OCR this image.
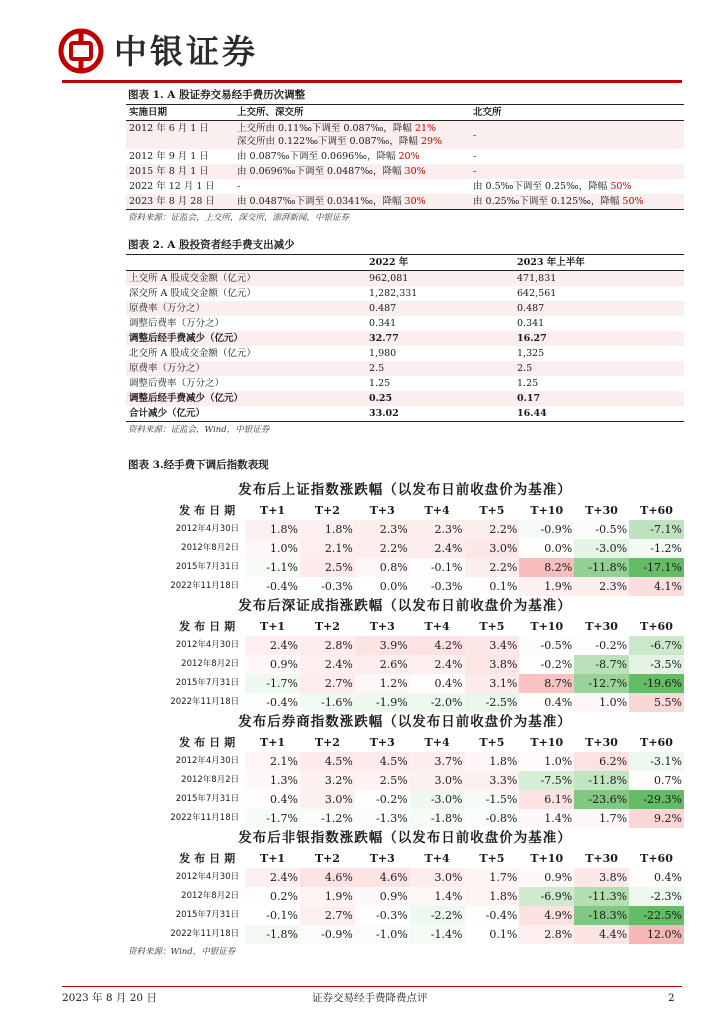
中银证券
图表 1. A 股证券交易经手费历次调整
实施日期	上交所、深交所	北交所
2012 年 6 月 1 日	上交所由 0.11‰下调至 0.087‰，降幅 21%
深交所由 0.122‰下调至 0.087‰，降幅 29%	-
2012 年 9 月 1 日	由 0.087‰下调至 0.0696‰，降幅 20%	-
2015 年 8 月 1 日	由 0.0696‰下调至 0.0487‰，降幅 30%	-
2022 年 12 月 1 日	-	由 0.5‰下调至 0.25‰，降幅 50%
2023 年 8 月 28 日	由 0.0487‰下调至 0.0341‰，降幅 30%	由 0.25‰下调至 0.125‰，降幅 50%
资料来源：证监会，上交所，深交所，澎湃新闻，中银证券
图表 2. A 股投资者经手费支出减少
	2022 年	2023 年上半年
上交所 A 股成交金额（亿元）	962,081	471,831
深交所 A 股成交金额（亿元）	1,282,331	642,561
原费率（万分之）	0.487	0.487
调整后费率（万分之）	0.341	0.341
调整后经手费减少（亿元）	32.77	16.27
北交所 A 股成交金额（亿元）	1,980	1,325
原费率（万分之）	2.5	2.5
调整后费率（万分之）	1.25	1.25
调整后经手费减少（亿元）	0.25	0.17
合计减少（亿元）	33.02	16.44
资料来源：证监会，Wind，中银证券
图表 3.经手费下调后指数表现
发布后上证指数涨跌幅（以发布日前收盘价为基准）
发布日期	T+1	T+2	T+3	T+4	T+5	T+10	T+30	T+60
2012年4月30日	1.8%	1.8%	2.3%	2.3%	2.2%	-0.9%	-0.5%	-7.1%
2012年8月2日	1.0%	2.1%	2.2%	2.4%	3.0%	0.0%	-3.0%	-1.2%
2015年7月31日	-1.1%	2.5%	0.8%	-0.1%	2.2%	8.2%	-11.8%	-17.1%
2022年11月18日	-0.4%	-0.3%	0.0%	-0.3%	0.1%	1.9%	2.3%	4.1%
发布后深证成指涨跌幅（以发布日前收盘价为基准）
发布日期	T+1	T+2	T+3	T+4	T+5	T+10	T+30	T+60
2012年4月30日	2.4%	2.8%	3.9%	4.2%	3.4%	-0.5%	-0.2%	-6.7%
2012年8月2日	0.9%	2.4%	2.6%	2.4%	3.8%	-0.2%	-8.7%	-3.5%
2015年7月31日	-1.7%	2.7%	1.2%	0.4%	3.1%	8.7%	-12.7%	-19.6%
2022年11月18日	-0.4%	-1.6%	-1.9%	-2.0%	-2.5%	0.4%	1.0%	5.5%
发布后券商指数涨跌幅（以发布日前收盘价为基准）
发布日期	T+1	T+2	T+3	T+4	T+5	T+10	T+30	T+60
2012年4月30日	2.1%	4.5%	4.5%	3.7%	1.8%	1.0%	6.2%	-3.1%
2012年8月2日	1.3%	3.2%	2.5%	3.0%	3.3%	-7.5%	-11.8%	0.7%
2015年7月31日	0.4%	3.0%	-0.2%	-3.0%	-1.5%	6.1%	-23.6%	-29.3%
2022年11月18日	-1.7%	-1.2%	-1.3%	-1.8%	-0.8%	1.4%	1.7%	9.2%
发布后非银指数涨跌幅（以发布日前收盘价为基准）
发布日期	T+1	T+2	T+3	T+4	T+5	T+10	T+30	T+60
2012年4月30日	2.4%	4.6%	4.6%	3.0%	1.7%	0.9%	3.8%	0.4%
2012年8月2日	0.2%	1.9%	0.9%	1.4%	1.8%	-6.9%	-11.3%	-2.3%
2015年7月31日	-0.1%	2.7%	-0.3%	-2.2%	-0.4%	4.9%	-18.3%	-22.5%
2022年11月18日	-1.8%	-0.9%	-1.0%	-1.4%	0.1%	2.8%	4.4%	12.0%
资料来源：Wind，中银证券
2023 年 8 月 20 日	证券交易经手费降费点评	2
